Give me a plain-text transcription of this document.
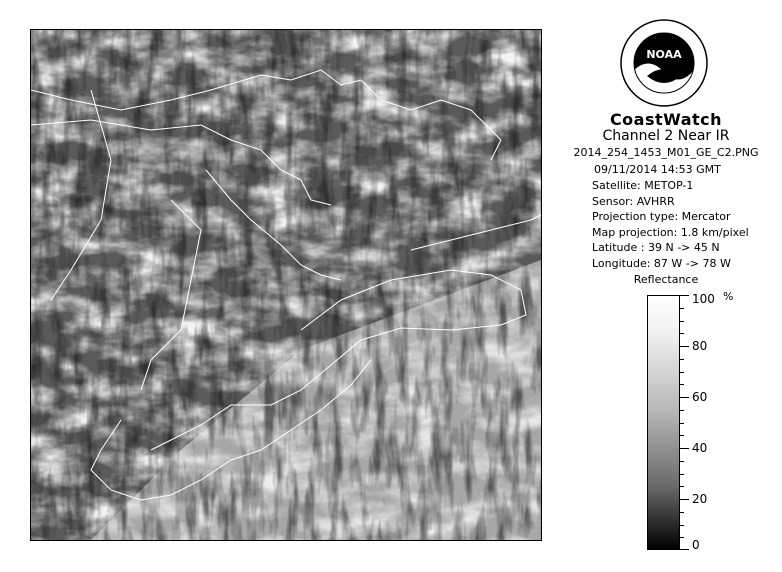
NOAA
CoastWatch
Channel 2 Near IR
2014_254_1453_M01_GE_C2.PNG
09/11/2014 14:53 GMT
Satellite: METOP-1
Sensor: AVHRR
Projection type: Mercator
Map projection: 1.8 km/pixel
Latitude : 39 N -> 45 N
Longitude: 87 W -> 78 W
Reflectance
%
100
80
60
40
20
0
